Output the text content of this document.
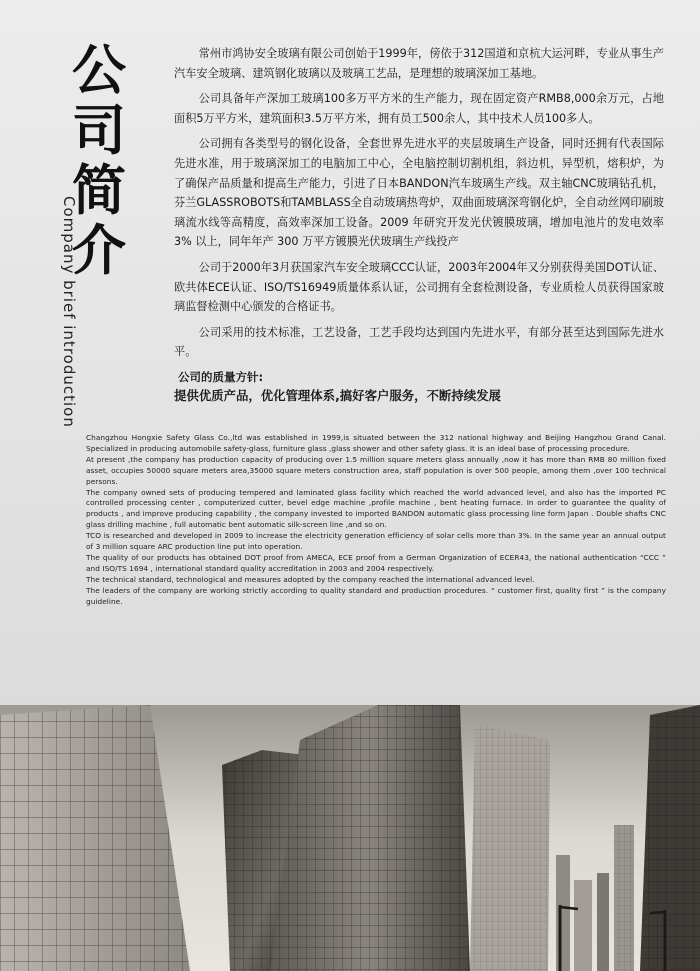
公
司
简
介
Company brief introduction

常州市鸿协安全玻璃有限公司创始于1999年，傍依于312国道和京杭大运河畔，专业从事生产汽车安全玻璃、建筑钢化玻璃以及玻璃工艺品，是理想的玻璃深加工基地。

公司具备年产深加工玻璃100多万平方米的生产能力，现在固定资产RMB8,000余万元，占地面积5万平方米，建筑面积3.5万平方米，拥有员工500余人，其中技术人员100多人。

公司拥有各类型号的钢化设备，全套世界先进水平的夹层玻璃生产设备，同时还拥有代表国际先进水准，用于玻璃深加工的电脑加工中心，全电脑控制切割机组，斜边机，异型机，熔积炉，为了确保产品质量和提高生产能力，引进了日本BANDON汽车玻璃生产线。双主轴CNC玻璃钻孔机，芬兰GLASSROBOTS和TAMBLASS全自动玻璃热弯炉，双曲面玻璃深弯钢化炉，全自动丝网印刷玻璃流水线等高精度，高效率深加工设备。2009 年研究开发光伏镀膜玻璃，增加电池片的发电效率 3% 以上，同年年产 300 万平方镀膜光伏玻璃生产线投产

公司于2000年3月获国家汽车安全玻璃CCC认证，2003年2004年又分别获得美国DOT认证、欧共体ECE认证、ISO/TS16949质量体系认证，公司拥有全套检测设备，专业质检人员获得国家玻璃监督检测中心颁发的合格证书。

公司采用的技术标准，工艺设备，工艺手段均达到国内先进水平，有部分甚至达到国际先进水平。

公司的质量方针:
提供优质产品，优化管理体系,搞好客户服务，不断持续发展

Changzhou Hongxie Safety Glass Co.,ltd was established in 1999,is situated between the 312 national highway and Beijing Hangzhou Grand Canal. Specialized in producing automobile safety-glass, furniture glass ,glass shower and other safety glass. It is an ideal base of processing procedure.

At present ,the company has production capacity of producing over 1.5 million square meters glass annually ,now it has more than RMB 80 million fixed asset, occupies 50000 square meters area,35000 square meters construction area, staff population is over 500 people, among them ,over 100 technical persons.

The company owned sets of producing tempered and laminated glass facility which reached the world advanced level, and also has the imported PC controlled processing center , computerized cutter, bevel edge machine ,profile machine , bent heating furnace. In order to guarantee the quality of products , and improve producing capability , the company invested to imported BANDON automatic glass processing line form Japan . Double shafts CNC glass drilling machine , full automatic bent automatic silk-screen line ,and so on.

TCO is researched and developed in 2009 to increase the electricity generation efficiency of solar cells more than 3%. In the same year an annual output of 3 million square ARC production line put into operation.

The quality of our products has obtained DOT proof from AMECA, ECE proof from a German Organization of ECER43, the national authentication “CCC ” and ISO/TS 1694 , international standard quality accreditation in 2003 and 2004 respectively.

The technical standard, technological and measures adopted by the company reached the international advanced level.

The leaders of the company are working strictly according to quality standard and production procedures. “ customer first, quality first ” is the company guideline.
